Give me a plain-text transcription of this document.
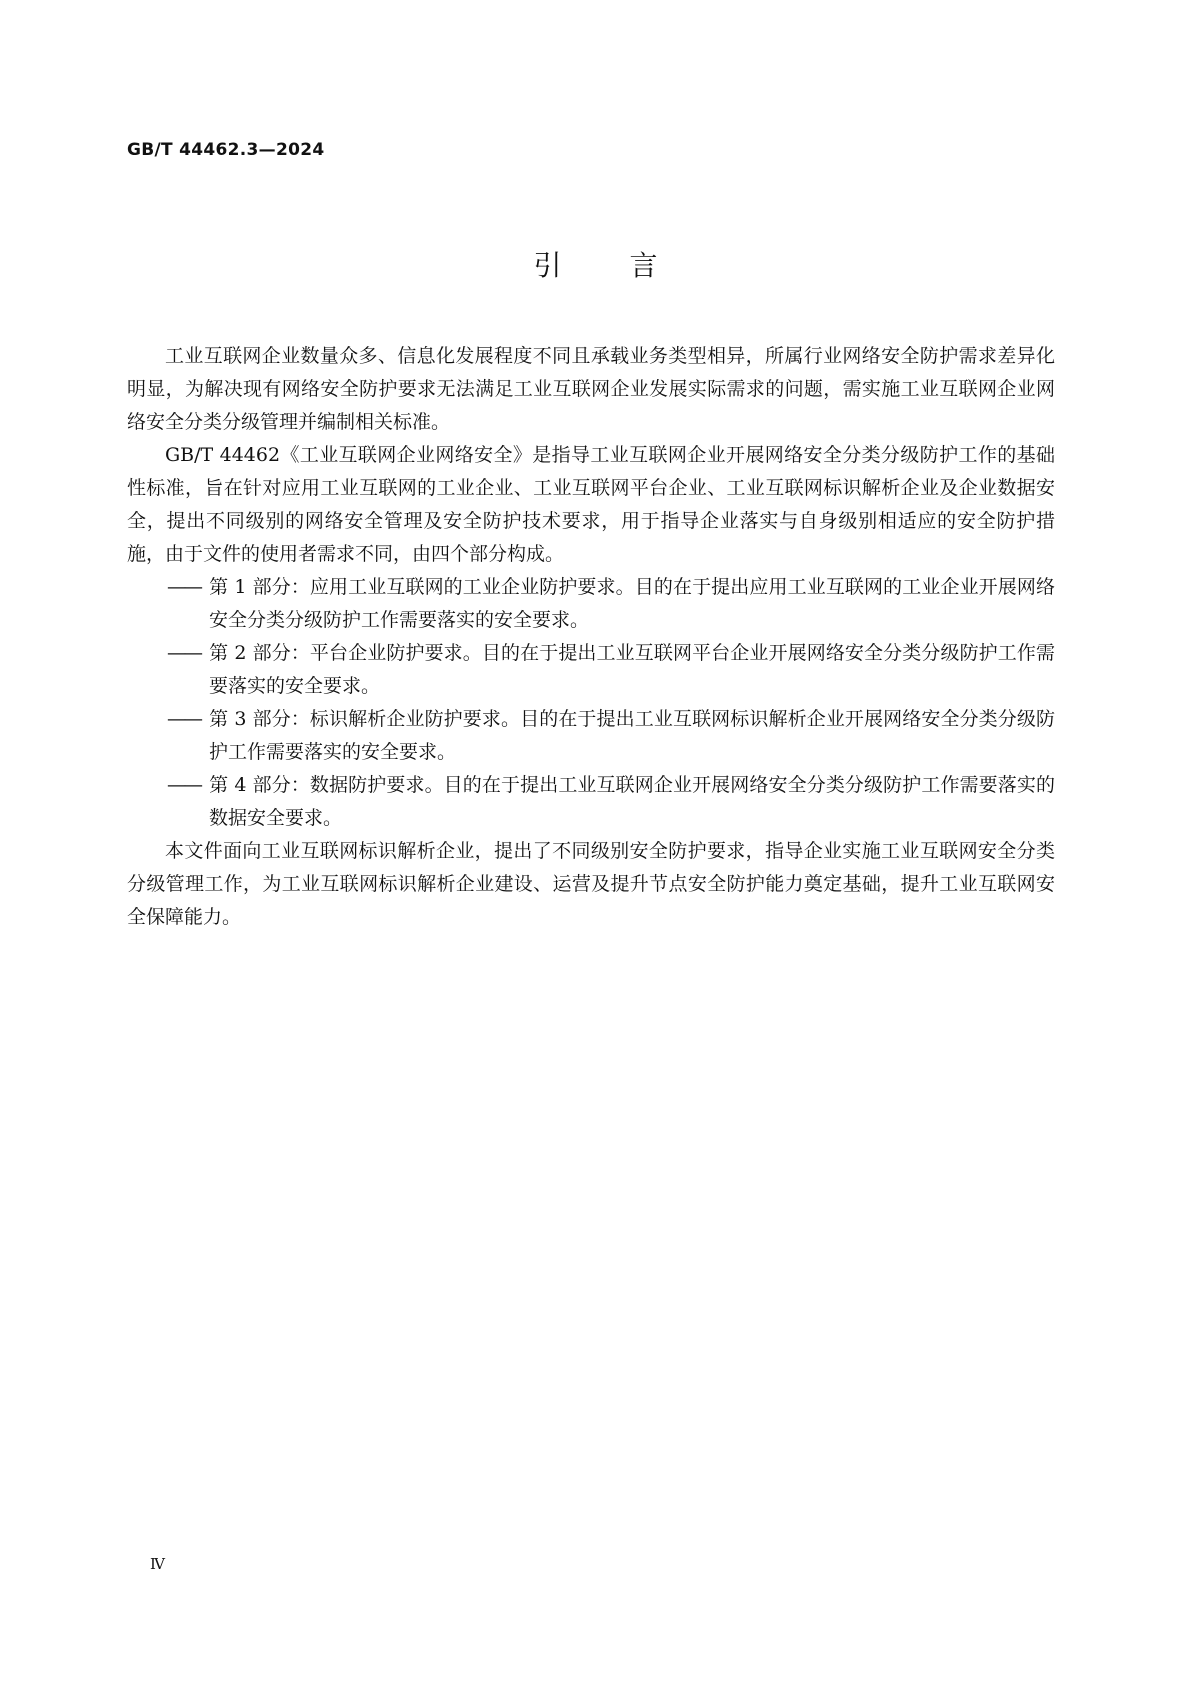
GB/T 44462.3—2024
引言

工业互联网企业数量众多、信息化发展程度不同且承载业务类型相异，所属行业网络安全防护需求差异化明显，为解决现有网络安全防护要求无法满足工业互联网企业发展实际需求的问题，需实施工业互联网企业网络安全分类分级管理并编制相关标准。

GB/T 44462《工业互联网企业网络安全》是指导工业互联网企业开展网络安全分类分级防护工作的基础性标准，旨在针对应用工业互联网的工业企业、工业互联网平台企业、工业互联网标识解析企业及企业数据安全，提出不同级别的网络安全管理及安全防护技术要求，用于指导企业落实与自身级别相适应的安全防护措施，由于文件的使用者需求不同，由四个部分构成。

—— 第 1 部分：应用工业互联网的工业企业防护要求。目的在于提出应用工业互联网的工业企业开展网络安全分类分级防护工作需要落实的安全要求。

—— 第 2 部分：平台企业防护要求。目的在于提出工业互联网平台企业开展网络安全分类分级防护工作需要落实的安全要求。

—— 第 3 部分：标识解析企业防护要求。目的在于提出工业互联网标识解析企业开展网络安全分类分级防护工作需要落实的安全要求。

—— 第 4 部分：数据防护要求。目的在于提出工业互联网企业开展网络安全分类分级防护工作需要落实的数据安全要求。

本文件面向工业互联网标识解析企业，提出了不同级别安全防护要求，指导企业实施工业互联网安全分类分级管理工作，为工业互联网标识解析企业建设、运营及提升节点安全防护能力奠定基础，提升工业互联网安全保障能力。

Ⅳ
